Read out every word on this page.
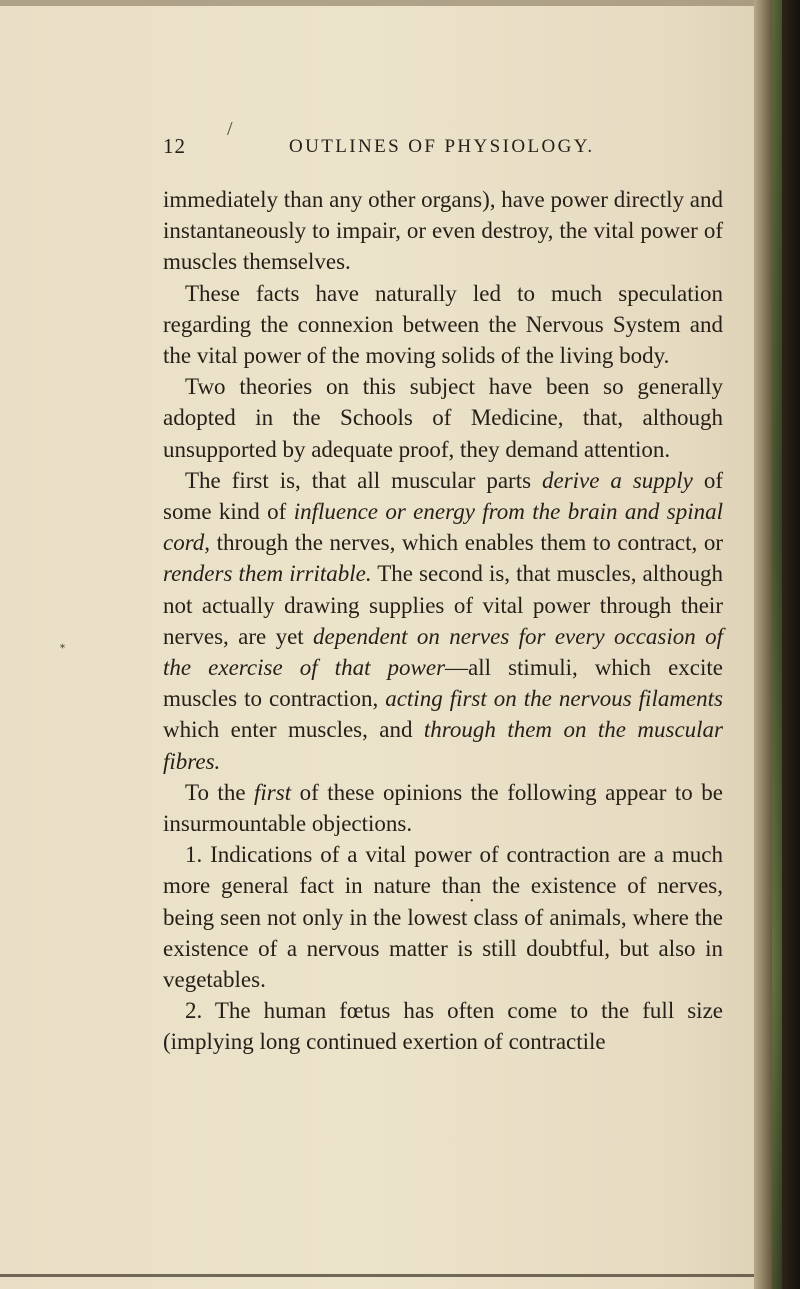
/
12	OUTLINES OF PHYSIOLOGY.

immediately than any other organs), have power directly and instantaneously to impair, or even destroy, the vital power of muscles themselves.

These facts have naturally led to much speculation regarding the connexion between the Nervous System and the vital power of the moving solids of the living body.

Two theories on this subject have been so generally adopted in the Schools of Medicine, that, although unsupported by adequate proof, they demand attention.

The first is, that all muscular parts derive a supply of some kind of influence or energy from the brain and spinal cord, through the nerves, which enables them to contract, or renders them irritable. The second is, that muscles, although not actually drawing supplies of vital power through their nerves, are yet dependent on nerves for every occasion of the exercise of that power—all stimuli, which excite muscles to contraction, acting first on the nervous filaments which enter muscles, and through them on the muscular fibres.

To the first of these opinions the following appear to be insurmountable objections.

1. Indications of a vital power of contraction are a much more general fact in nature than the existence of nerves, being seen not only in the lowest class of animals, where the existence of a nervous matter is still doubtful, but also in vegetables.

2. The human fœtus has often come to the full size (implying long continued exertion of contractile

•
⁎
